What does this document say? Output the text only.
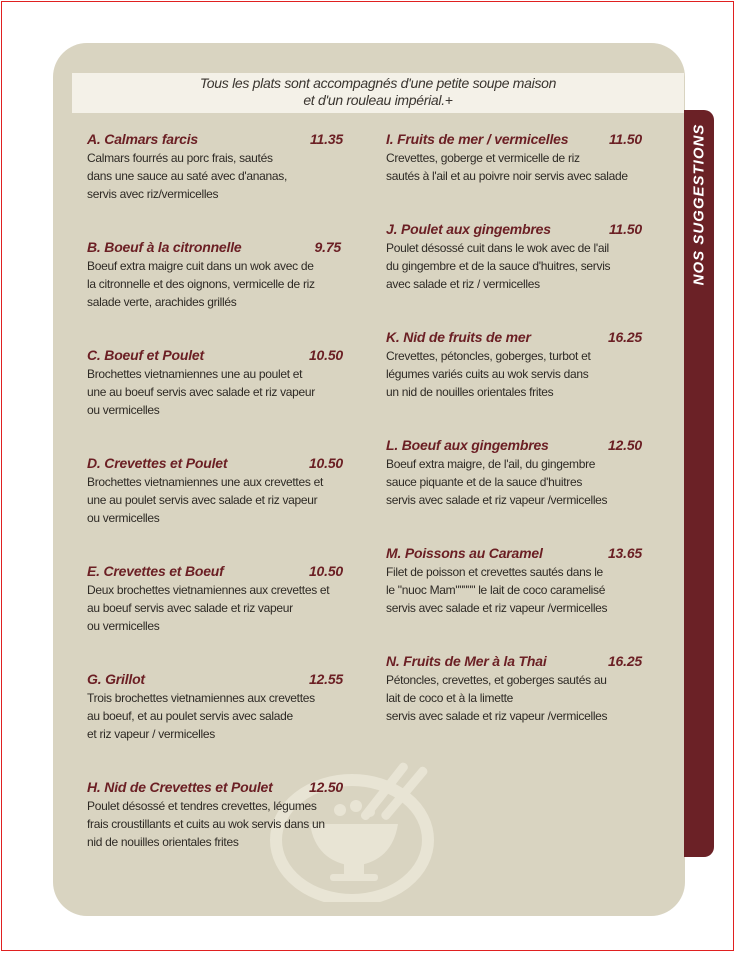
Tous les plats sont accompagnés d'une petite soupe maison
et d'un rouleau impérial.+
NOS SUGGESTIONS
A. Calmars farcis	11.35
Calmars fourrés au porc frais, sautés
dans une sauce au saté avec d'ananas,
servis avec riz/vermicelles
B. Boeuf à la citronnelle	9.75
Boeuf extra maigre cuit dans un wok avec de
la citronnelle et des oignons, vermicelle de riz
salade verte, arachides grillés
C. Boeuf et Poulet	10.50
Brochettes vietnamiennes une au poulet et
une au boeuf servis avec salade et riz vapeur
ou vermicelles
D. Crevettes et Poulet	10.50
Brochettes vietnamiennes une aux crevettes et
une au poulet servis avec salade et riz vapeur
ou vermicelles
E. Crevettes et Boeuf	10.50
Deux brochettes vietnamiennes aux crevettes et
au boeuf servis avec salade et riz vapeur
ou vermicelles
G. Grillot	12.55
Trois brochettes vietnamiennes aux crevettes
au boeuf, et au poulet servis avec salade
et riz vapeur / vermicelles
H. Nid de Crevettes et Poulet	12.50
Poulet désossé et tendres crevettes, légumes
frais croustillants et cuits au wok servis dans un
nid de nouilles orientales frites
I. Fruits de mer / vermicelles	11.50
Crevettes, goberge et vermicelle de riz
sautés à l'ail et au poivre noir servis avec salade
J. Poulet aux gingembres	11.50
Poulet désossé cuit dans le wok avec de l'ail
du gingembre et de la sauce d'huitres, servis
avec salade et riz / vermicelles
K. Nid de fruits de mer	16.25
Crevettes, pétoncles, goberges, turbot et
légumes variés cuits au wok servis dans
un nid de nouilles orientales frites
L. Boeuf aux gingembres	12.50
Boeuf extra maigre, de l'ail, du gingembre
sauce piquante et de la sauce d'huitres
servis avec salade et riz vapeur /vermicelles
M. Poissons au Caramel	13.65
Filet de poisson et crevettes sautés dans le
le "nuoc Mam""""" le lait de coco caramelisé
servis avec salade et riz vapeur /vermicelles
N. Fruits de Mer à la Thai	16.25
Pétoncles, crevettes, et goberges sautés au
lait de coco et à la limette
servis avec salade et riz vapeur /vermicelles
